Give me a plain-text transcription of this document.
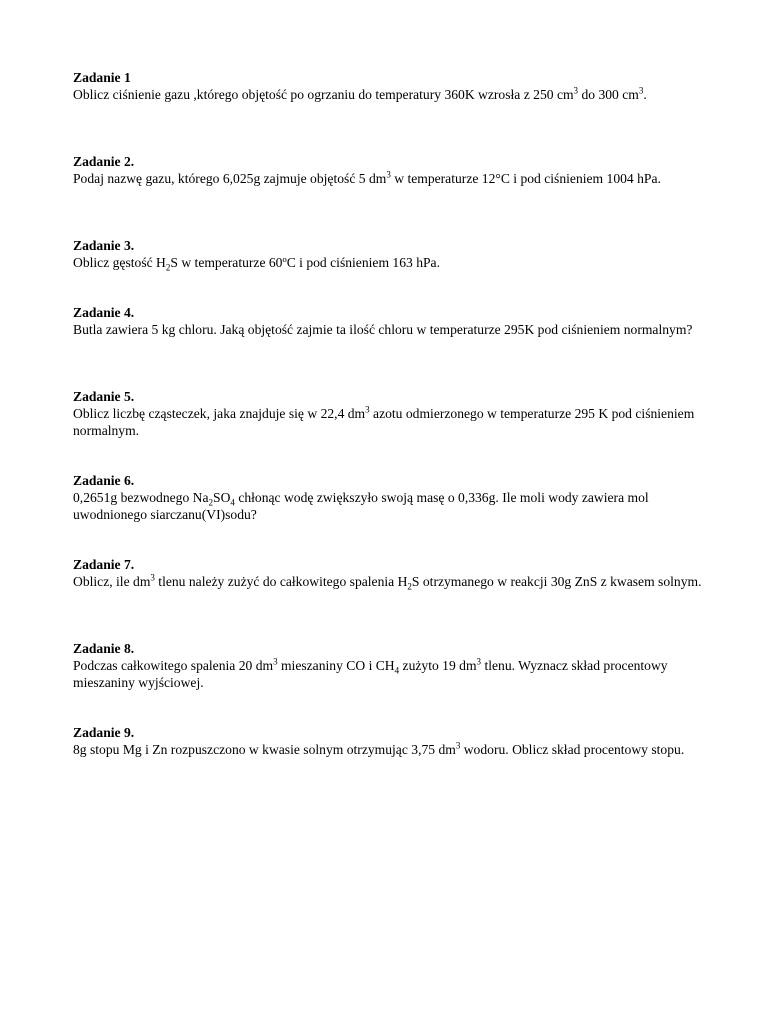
Zadanie 1
Oblicz ciśnienie gazu ,którego objętość po ogrzaniu do temperatury 360K wzrosła z 250 $cm^3$ do 300 $cm^3$.
Zadanie 2.
Podaj nazwę gazu, którego 6,025g zajmuje objętość 5 $dm^3$ w temperaturze 12°C i pod ciśnieniem 1004 hPa.
Zadanie 3.
Oblicz gęstość $H_2S$ w temperaturze 60ºC i pod ciśnieniem 163 hPa.
Zadanie 4.
Butla zawiera 5 kg chloru. Jaką objętość zajmie ta ilość chloru w temperaturze 295K pod ciśnieniem normalnym?
Zadanie 5.
Oblicz liczbę cząsteczek, jaka znajduje się w 22,4 $dm^3$ azotu odmierzonego w temperaturze 295 K pod ciśnieniem normalnym.
Zadanie 6.
0,2651g bezwodnego $Na_2SO_4$ chłonąc wodę zwiększyło swoją masę o 0,336g. Ile moli wody zawiera mol uwodnionego siarczanu(VI)sodu?
Zadanie 7.
Oblicz, ile $dm^3$ tlenu należy zużyć do całkowitego spalenia $H_2S$ otrzymanego w reakcji 30g ZnS z kwasem solnym.
Zadanie 8.
Podczas całkowitego spalenia 20 $dm^3$ mieszaniny CO i $CH_4$ zużyto 19 $dm^3$ tlenu. Wyznacz skład procentowy mieszaniny wyjściowej.
Zadanie 9.
8g stopu Mg i Zn rozpuszczono w kwasie solnym otrzymując 3,75 $dm^3$ wodoru. Oblicz skład procentowy stopu.
